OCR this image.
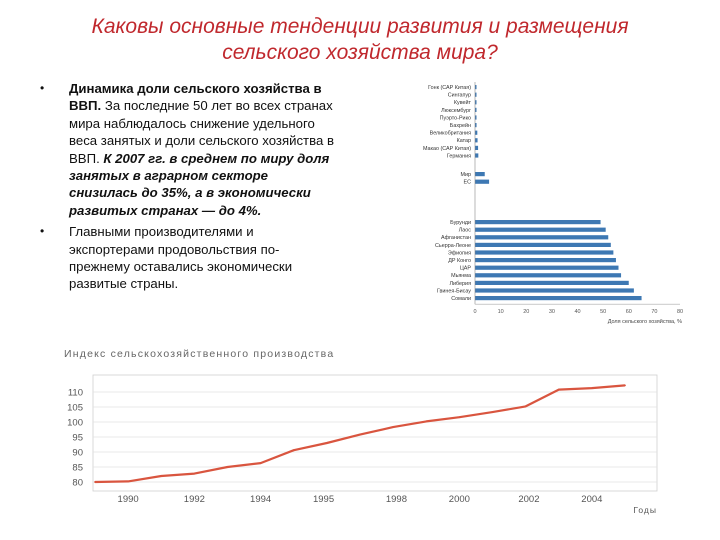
Каковы основные тенденции развития и размещения сельского хозяйства мира?
• Динамика доли сельского хозяйства в ВВП. За последние 50 лет во всех странах мира наблюдалось снижение удельного веса занятых и доли сельского хозяйства в ВВП. К 2007 гг. в среднем по миру доля занятых в аграрном секторе снизилась до 35%, а в экономически развитых странах — до 4%.
• Главными производителями и экспортерами продовольствия по-прежнему оставались экономически развитые страны.
Гонк (САР Китая)
Сингапур
Кувейт
Люксембург
Пуэрто-Рико
Бахрейн
Великобритания
Катар
Макао (САР Китая)
Германия
Мир
ЕС
Бурунди
Лаос
Афганистан
Сьерра-Леоне
Эфиопия
ДР Конго
ЦАР
Мьянма
Либерия
Гвинея-Бисау
Сомали
0	10	20	30	40	50	60	70	80
Доля сельского хозяйства, %
Индекс сельскохозяйственного производства
80
85
90
95
100
105
110
1990	1992	1994	1995	1998	2000	2002	2004
Годы
